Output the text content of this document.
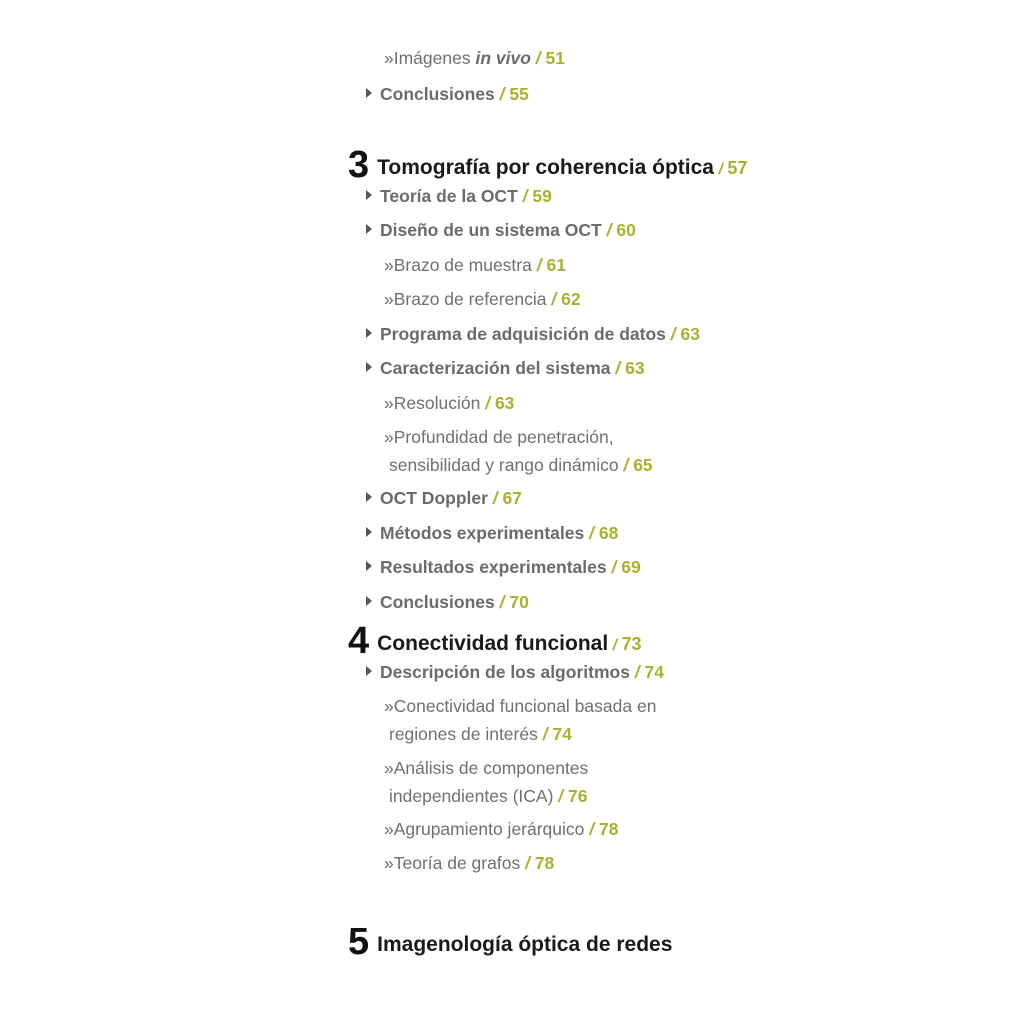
»Imágenes in vivo / 51
Conclusiones / 55
3 Tomografía por coherencia óptica / 57
Teoría de la OCT / 59
Diseño de un sistema OCT / 60
»Brazo de muestra / 61
»Brazo de referencia / 62
Programa de adquisición de datos / 63
Caracterización del sistema / 63
»Resolución / 63
»Profundidad de penetración,
sensibilidad y rango dinámico / 65
OCT Doppler / 67
Métodos experimentales / 68
Resultados experimentales / 69
Conclusiones / 70
4 Conectividad funcional / 73
Descripción de los algoritmos / 74
»Conectividad funcional basada en
regiones de interés / 74
»Análisis de componentes
independientes (ICA) / 76
»Agrupamiento jerárquico / 78
»Teoría de grafos / 78
5 Imagenología óptica de redes
